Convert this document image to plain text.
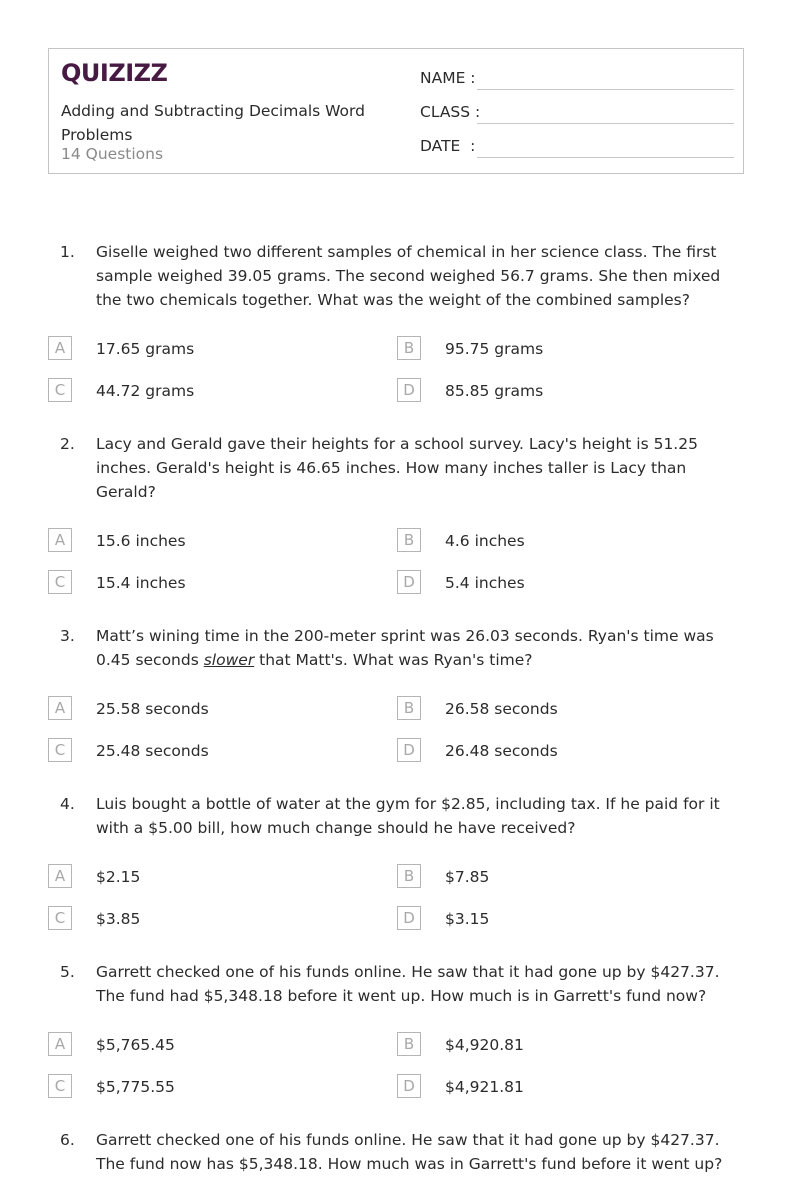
QUIZIZZ
Adding and Subtracting Decimals Word Problems
14 Questions
NAME :
CLASS :
DATE  :
1. Giselle weighed two different samples of chemical in her science class. The first sample weighed 39.05 grams. The second weighed 56.7 grams. She then mixed the two chemicals together. What was the weight of the combined samples?
A	17.65 grams	B	95.75 grams
C	44.72 grams	D	85.85 grams
2. Lacy and Gerald gave their heights for a school survey. Lacy's height is 51.25 inches. Gerald's height is 46.65 inches. How many inches taller is Lacy than Gerald?
A	15.6 inches	B	4.6 inches
C	15.4 inches	D	5.4 inches
3. Matt’s wining time in the 200-meter sprint was 26.03 seconds. Ryan's time was 0.45 seconds slower that Matt's. What was Ryan's time?
A	25.58 seconds	B	26.58 seconds
C	25.48 seconds	D	26.48 seconds
4. Luis bought a bottle of water at the gym for $2.85, including tax. If he paid for it with a $5.00 bill, how much change should he have received?
A	$2.15	B	$7.85
C	$3.85	D	$3.15
5. Garrett checked one of his funds online. He saw that it had gone up by $427.37. The fund had $5,348.18 before it went up. How much is in Garrett's fund now?
A	$5,765.45	B	$4,920.81
C	$5,775.55	D	$4,921.81
6. Garrett checked one of his funds online. He saw that it had gone up by $427.37. The fund now has $5,348.18. How much was in Garrett's fund before it went up?
